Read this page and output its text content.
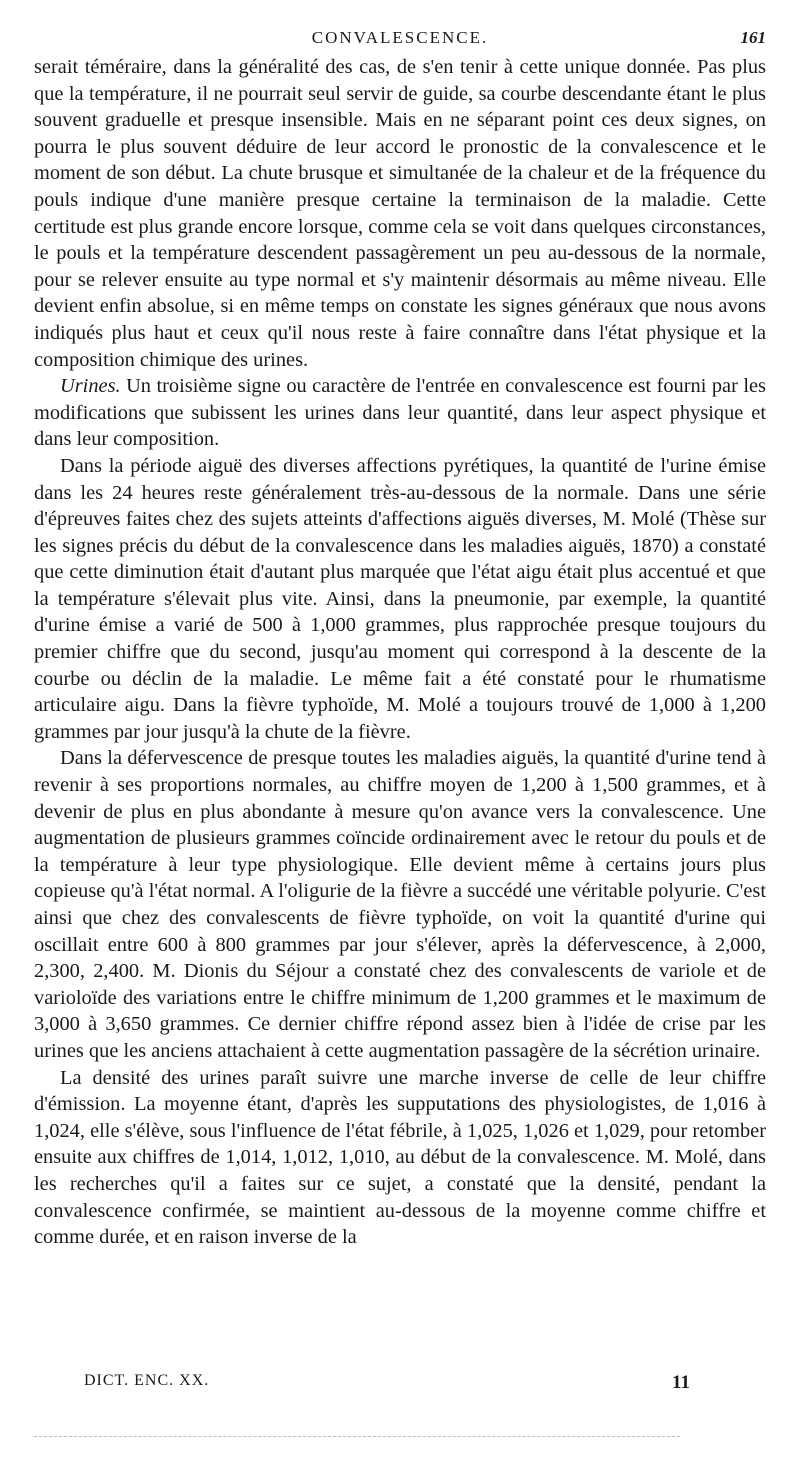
CONVALESCENCE.	161

serait téméraire, dans la généralité des cas, de s'en tenir à cette unique donnée. Pas plus que la température, il ne pourrait seul servir de guide, sa courbe descendante étant le plus souvent graduelle et presque insensible. Mais en ne séparant point ces deux signes, on pourra le plus souvent déduire de leur accord le pronostic de la convalescence et le moment de son début. La chute brusque et simultanée de la chaleur et de la fréquence du pouls indique d'une manière presque certaine la terminaison de la maladie. Cette certitude est plus grande encore lorsque, comme cela se voit dans quelques circonstances, le pouls et la température descendent passagèrement un peu au-dessous de la normale, pour se relever ensuite au type normal et s'y maintenir désormais au même niveau. Elle devient enfin absolue, si en même temps on constate les signes généraux que nous avons indiqués plus haut et ceux qu'il nous reste à faire connaître dans l'état physique et la composition chimique des urines.

Urines. Un troisième signe ou caractère de l'entrée en convalescence est fourni par les modifications que subissent les urines dans leur quantité, dans leur aspect physique et dans leur composition.

Dans la période aiguë des diverses affections pyrétiques, la quantité de l'urine émise dans les 24 heures reste généralement très-au-dessous de la normale. Dans une série d'épreuves faites chez des sujets atteints d'affections aiguës diverses, M. Molé (Thèse sur les signes précis du début de la convalescence dans les maladies aiguës, 1870) a constaté que cette diminution était d'autant plus marquée que l'état aigu était plus accentué et que la température s'élevait plus vite. Ainsi, dans la pneumonie, par exemple, la quantité d'urine émise a varié de 500 à 1,000 grammes, plus rapprochée presque toujours du premier chiffre que du second, jusqu'au moment qui correspond à la descente de la courbe ou déclin de la maladie. Le même fait a été constaté pour le rhumatisme articulaire aigu. Dans la fièvre typhoïde, M. Molé a toujours trouvé de 1,000 à 1,200 grammes par jour jusqu'à la chute de la fièvre.

Dans la défervescence de presque toutes les maladies aiguës, la quantité d'urine tend à revenir à ses proportions normales, au chiffre moyen de 1,200 à 1,500 grammes, et à devenir de plus en plus abondante à mesure qu'on avance vers la convalescence. Une augmentation de plusieurs grammes coïncide ordinairement avec le retour du pouls et de la température à leur type physiologique. Elle devient même à certains jours plus copieuse qu'à l'état normal. A l'oligurie de la fièvre a succédé une véritable polyurie. C'est ainsi que chez des convalescents de fièvre typhoïde, on voit la quantité d'urine qui oscillait entre 600 à 800 grammes par jour s'élever, après la défervescence, à 2,000, 2,300, 2,400. M. Dionis du Séjour a constaté chez des convalescents de variole et de varioloïde des variations entre le chiffre minimum de 1,200 grammes et le maximum de 3,000 à 3,650 grammes. Ce dernier chiffre répond assez bien à l'idée de crise par les urines que les anciens attachaient à cette augmentation passagère de la sécrétion urinaire.

La densité des urines paraît suivre une marche inverse de celle de leur chiffre d'émission. La moyenne étant, d'après les supputations des physiologistes, de 1,016 à 1,024, elle s'élève, sous l'influence de l'état fébrile, à 1,025, 1,026 et 1,029, pour retomber ensuite aux chiffres de 1,014, 1,012, 1,010, au début de la convalescence. M. Molé, dans les recherches qu'il a faites sur ce sujet, a constaté que la densité, pendant la convalescence confirmée, se maintient au-dessous de la moyenne comme chiffre et comme durée, et en raison inverse de la

DICT. ENC. XX.	11
